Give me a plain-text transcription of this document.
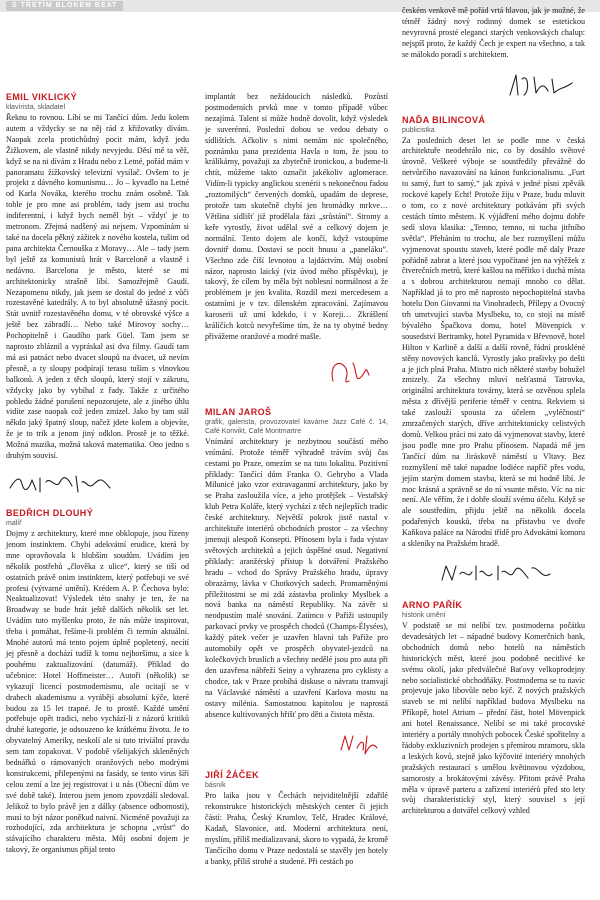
S TŘETÍM BLOKEM BEAT

EMIL VIKLICKÝ

klavírista, skladatel

Řeknu to rovnou. Líbí se mi Tančící dům. Jedu kolem autem a vždycky se na něj rád z křižovatky dívám. Naopak zcela protichůdný pocit mám, když jedu Žižkovem, ale vlastně nikdy nevyjedu. Děsí mě ta věž, když se na ni dívám z Hradu nebo z Letné, pořád mám v panoramatu žižkovský televizní vysílač. Ovšem to je projekt z dávného komunismu… Jo – kyvadlo na Letné od Karla Nováka, kterého trochu znám osobně. Tak tohle je pro mne asi problém, tady jsem asi trochu indiferentní, i když bych neměl být – vždyť je to metronom. Zřejmá nadšený asi nejsem. Vzpomínám si také na docela pěkný zážitek z nového kostela, tušim od pana architekta Černouška z Moravy… Ale – tady jsem byl ještě za komunistů hrát v Barceloně a vlastně i nedávno. Barcelona je město, které se mi architektonicky strašně líbí. Samozřejmě Gaudí. Nezapomenu nikdy, jak jsem se dostal do jedné z vůči rozestavěné katedrály. A to byl absolutně úžasný pocit. Stát uvnitř rozestavěného domu, v té obrovské výšce a ještě bez zábradlí… Nebo také Mirovoy sochy… Pochopitelně i Gaudího park Güel. Tam jsem se naprosto zbláznil a vypráskal asi dva filmy. Gaudí tam má asi patnáct nebo dvacet sloupů na dvacet, už nevím přesně, a ty sloupy podpírají terasu tušim s vlnovkou balkonů. A jeden z těch sloupů, který stojí v zákrutu, vždycky jako by vybíhal z řady. Takže z určitého pohledu žádné porušení nepozorujete, ale z jiného úhlu vidíte zase naopak což jeden zmizel. Jako by tam stál někdo jaký špatný sloup, načež jdete kolem a objevíte, že je to trik a jenom jiný odklon. Prostě je to těžké. Možná muzika, možná taková matematika. Ono jedno s druhým souvisí.

BEDŘICH DLOUHÝ

malíř

Dojmy z architektury, které mne obklopuje, jsou řízeny jenom instinktem. Chybí adekvátní erudice, která by mne opravňovala k hlubším soudům. Uvádím jen několik postřehů „člověka z ulice“, který se tiší od ostatních právě onim instinktem, který potřebuji ve své profesi (výtvarné umění). Krédem A. P. Čechova bylo: Neaktualizovat! Výsledek této snahy je ten, že na Broadway se bude hrát ještě dalších několik set let. Uvádím tuto myšlenku proto, že nás může inspirovat, třeba i pomáhat, řešíme-li problém či termín aktuální. Mnohé autorů má tento pojem úplně popletený, necítí jej přesně a dochází tudíž k tomu nejhoršímu, a sice k pouhému zaktualizování (datumáž). Příklad do učebnice: Hotel Hoffmeister… Autoři (několik) se vykazují licencí postmodernismu, ale ocitají se v drahech akademismu a vyrábějí absolutní kýče, které budou za 15 let trapné. Je to prostě. Každé umění potřebuje opět tradici, nebo vychází-li z názorů kritiků druhé kategorie, je odsouzeno ke krátkému životu. Je to obyvatelný Ameriky, neskolí ale si tuto triviální pravdu sem tam zopakovat. V podobě všelijakých skleněných bednářků o rámovaných oranžových nebo modrými konstrukcemi, přilepenými na fasády, se tento virus šíří celou zemí a lze jej registrovat i u nás (Obecní dům ve své době také). Interou jsem jenom zpovzdálí sledoval. Jelikož to bylo právě jen z dálky (absence odbornosti), musí to být názor poněkud naivní. Nicméně považuji za rozhodující, zda architektura je schopna „vrůst“ do stávajícího charakteru města. Můj osobní dojem je takový, že organismus přijal tento

implantát bez nežádoucích následků. Pozůstí postmoderních prvků mne v tomto případě vůbec nezajímá. Talent si může hodně dovolit, když výsledek je suverénní. Poslední dobou se vedou debaty o sídlištích. Ačkoliv s nimi nemám nic společného, poznámku pana prezidenta Havla o tom, že jsou to králíkárny, považuji za zbytečně ironickou, a budeme-li chtít, můžeme takto označit jakékoliv aglomerace. Vidím-li typicky anglickou scenérii s nekonečnou řadou „roztomilých“ červených domků, upadám do deprese, protože tam skutečně chybí jen hromádky mrkve… Většina sídlišť již prodělala fázi „srůstání“. Stromy a keře vyrostly, život udělal své a celkový dojem je normální. Tento dojem ale končí, když vstoupíme dovnitř domu. Dostaví se pocit hnusu a „panelákuˮ. Všechno zde čiší levnotou a lajdáctvím. Můj osobní názor, naprosto laický (viz úvod mého příspěvku), je takový, že cílem by měla být noblesní normálnost a že problémem je jen kvalita. Rozdíl mezi mercedesem a ostatními je v tzv. dílenském zpracování. Zajímavou karoserii už umí kdekdo, i v Koreji… Zkrášlení králíčích kotců nevyřešíme tím, že na ty obytné bedny přivážeme oranžové a modré mašle.

MILAN JAROŠ

grafik, galerista, provozovatel kavárne Jazz Café č. 14, Café Konvikt, Café Montmartre

Vnímání architektury je nezbytnou součástí mého vnímání. Protože téměř výhradně trávím svůj čas cestami po Praze, omezím se na tuto lokalitu. Pozitivní příklady: Tančící dům Franka O. Gehryho a Vlada Milunicé jako vzor extravagantní architektury, jako by se Praha zasloužila více, a jeho protějšek – Vestařský klub Petra Koláře, který vychází z těch nejlepších tradic české architektury. Největší pokrok jistě nastal v architektuře interiérů obchodních prostor – za všechny jmenuji alespoň Konsepti. Přínosem byla i řada výstav světových architektů a jejich úspěšné osud. Negativní příklady: aranžérský přístup k dotváření Pražského hradu – vchod do Správy Pražského hradu, úpravy obrazárny, lávka v Chotkových sadech. Promarněnými příležitostmi se mi zdá zástavba prolinky Myslbek a nová banka na náměstí Republiky. Na závěr si neodpustím malé snování. Zatímco v Paříži ustoupily parkovací prvky ve prospěch chodců (Champs-Élysées), každý pátek večer je uzavřen hlavní tah Paříže pro automobily opět ve prospěch obyvatel-jezdců na kolečkových bruslích a všechny nedělé jsou pro auta při den uzavřena nábřeží Seiny a vyhrazena pro cyklisty a chodce, tak v Praze probíhá diskuse o návratu tramvají na Václavské náměstí a uzavření Karlova mostu na ostavy milénia. Samostatnou kapitolou je naprostá absence kultivovaných hřišť pro děti a čistota města.

JIŘÍ ŽÁČEK

básník

Pro laika jsou v Čechách nejviditelnější zdařilé rekonstrukce historických městských center či jejich částí: Praha, Český Krumlov, Telč, Hradec Králové, Kadaň, Slavonice, atd. Moderní architektura není, myslím, příliš medializovaná, skoro to vypadá, že kromě Tančícího domu v Praze nedostalá se stavěly jen hotely a banky, příliš strohé a studené. Při cestách po

českém venkově mě pořád vrtá hlavou, jak je možné, že téměř žádný nový rodinný domek se estetickou nevyrovná prosté eleganci starých venkovských chalup: nejspíš proto, že každý Čech je expert na všechno, a tak se málokdo poradí s architektem.

NAĎA BILINCOVÁ

publicistka

Za posledních deset let se podle mne v česká architektuře neodehrálo nic, co by dosáhlo světové úrovně. Veškeré výboje se soustředily převážně do netvůrčího navazování na kánon funkcionalismu. „Furt to samý, furt to samý,“ jak zpívá v jedné písni zpěvák rockové kapely Echt! Protože žiju v Praze, budu mluvit o tom, co z nové architektury potkávám při svých cestách tímto městem. K výjádření mého dojmu dobře sedí slova klasika: „Temno, temno, ni tucha jitřního světla“. Přeháním to trochu, ale bez rozmyšlení můžu vyjmenovat spoustu staveb, které podle mě daly Praze pořádně zabrat a které jsou vypočítané jen na výtěžek z čtverečních metrů, které kašlou na měřítko i duchá místa a s dobrou architekturou nemají mnoho co dělat. Například já to pro mě naprosto nepochopitelná stavba hotelu Don Giovanni na Vinohradech, Přílepy a Ovocný trh umrtvující stavba Myslbeku, to, co stojí na místě bývalého Špačkova domu, hotel Mövenpick v sousedství Bertramky, hotel Pyramida v Břevnově, hotel Hilton v Karlině a další a další rovně, řádní proskléné stěny novových kanclů. Vyrostly jako prašivky po dešti a je jich plná Praha. Mistro nich některé stavby bohužel zmizely. Za všechny mluví nešťastná Tatrovka, originální architektura továrny, která se ozvěnou splela města z dřívější periferie téměř v centru. Rekviem si také zaslouží spousta za účelem „vyléčnosti“ zmrzačených starých, dříve architektonicky celistvých domů. Velkou práci mi zato dá vyjmenovat stavby, které jsou podle mne pro Prahu přínosem. Napadá mě jen Tančící dům na Jiráskově náměstí u Vltavy. Bez rozmyšlení mě také napadne lodiéce napříč přes vodu, jejím starým domem stavba, která se mi hodně líbí. Je moc krásná a správně se do ní vsunte město. Víc na nic není. Ale věřím, že i dobře slouží svému účelu. Když se ale soustředím, přijdu ještě na několik docela podařených kousků, třeba na přístavbu ve dvoře Kaňkova paláce na Národní třídě pro Advokátní komoru a skleníky na Pražském hradě.

ARNO PAŘÍK

historik umění

V podstatě se mi nelíbí tzv. postmoderna počátku devadesátých let – nápadné budovy Komerčních bank, obchodních domů nebo hotelů na náměstích historických měst, které jsou podobně necitlivé ke svému okolí, jako předválečné Baťovy velkoprodejny nebo socialistické obchodňáky. Postmoderna se tu navíc projevuje jako libovůle nebo kýč. Z nových pražských staveb se mi nelíbí například budova Myslbeku na Příkopě, hotel Atrium – přední část, hotel Mövenpick ani hotel Renaissance. Nelíbí se mi také procovské interiéry a portály mnohých pobocek České spořitelny a řádoby exkluzivních prodejen s přemírou mramoru, skla a leských kovů, stejně jako kýčovité interiéry mnohých pražských restaurací s umělou květinovou výzdobou, samorosty a brokátovými závěsy. Přitom právě Praha měla v úpravě parteru a zařízení interiérů před sto lety svůj charakteristický styl, který souvisel s její architekturou a dotvářel celkový vzhled
